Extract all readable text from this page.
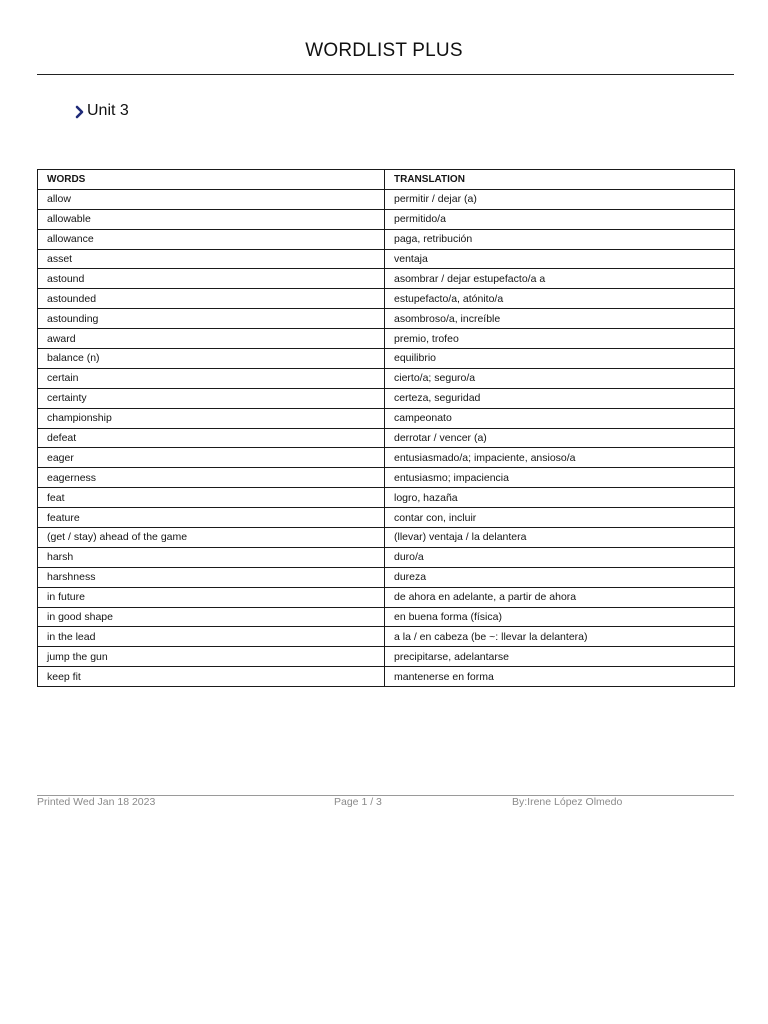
WORDLIST PLUS
Unit 3
WORDS	TRANSLATION
allow	permitir / dejar (a)
allowable	permitido/a
allowance	paga, retribución
asset	ventaja
astound	asombrar / dejar estupefacto/a a
astounded	estupefacto/a, atónito/a
astounding	asombroso/a, increíble
award	premio, trofeo
balance (n)	equilibrio
certain	cierto/a; seguro/a
certainty	certeza, seguridad
championship	campeonato
defeat	derrotar / vencer (a)
eager	entusiasmado/a; impaciente, ansioso/a
eagerness	entusiasmo; impaciencia
feat	logro, hazaña
feature	contar con, incluir
(get / stay) ahead of the game	(llevar) ventaja / la delantera
harsh	duro/a
harshness	dureza
in future	de ahora en adelante, a partir de ahora
in good shape	en buena forma (física)
in the lead	a la / en cabeza (be ~: llevar la delantera)
jump the gun	precipitarse, adelantarse
keep fit	mantenerse en forma
Printed Wed Jan 18 2023	Page 1 / 3	By:Irene López Olmedo
